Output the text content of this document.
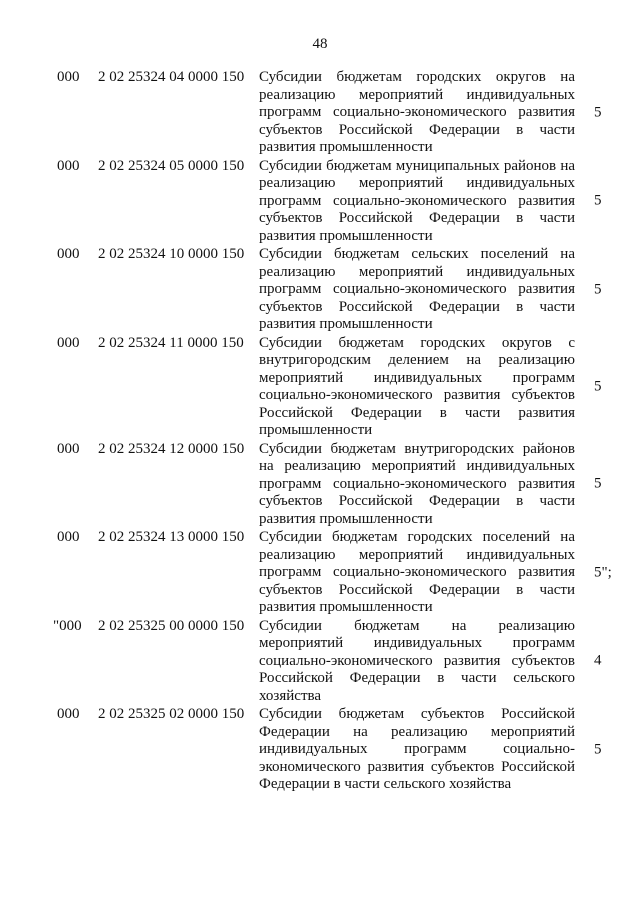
48
000 2 02 25324 04 0000 150 Субсидии бюджетам городских округов на реализацию мероприятий индивидуальных программ социально-экономического развития субъектов Российской Федерации в части развития промышленности
5
000 2 02 25324 05 0000 150 Субсидии бюджетам муниципальных районов на реализацию мероприятий индивидуальных программ социально-экономического развития субъектов Российской Федерации в части развития промышленности
5
000 2 02 25324 10 0000 150 Субсидии бюджетам сельских поселений на реализацию мероприятий индивидуальных программ социально-экономического развития субъектов Российской Федерации в части развития промышленности
5
000 2 02 25324 11 0000 150 Субсидии бюджетам городских округов с внутригородским делением на реализацию мероприятий индивидуальных программ социально-экономического развития субъектов Российской Федерации в части развития промышленности
5
000 2 02 25324 12 0000 150 Субсидии бюджетам внутригородских районов на реализацию мероприятий индивидуальных программ социально-экономического развития субъектов Российской Федерации в части развития промышленности
5
000 2 02 25324 13 0000 150 Субсидии бюджетам городских поселений на реализацию мероприятий индивидуальных программ социально-экономического развития субъектов Российской Федерации в части развития промышленности
5";
"000 2 02 25325 00 0000 150 Субсидии бюджетам на реализацию мероприятий индивидуальных программ социально-экономического развития субъектов Российской Федерации в части сельского хозяйства
4
000 2 02 25325 02 0000 150 Субсидии бюджетам субъектов Российской Федерации на реализацию мероприятий индивидуальных программ социально-экономического развития субъектов Российской Федерации в части сельского хозяйства
5
